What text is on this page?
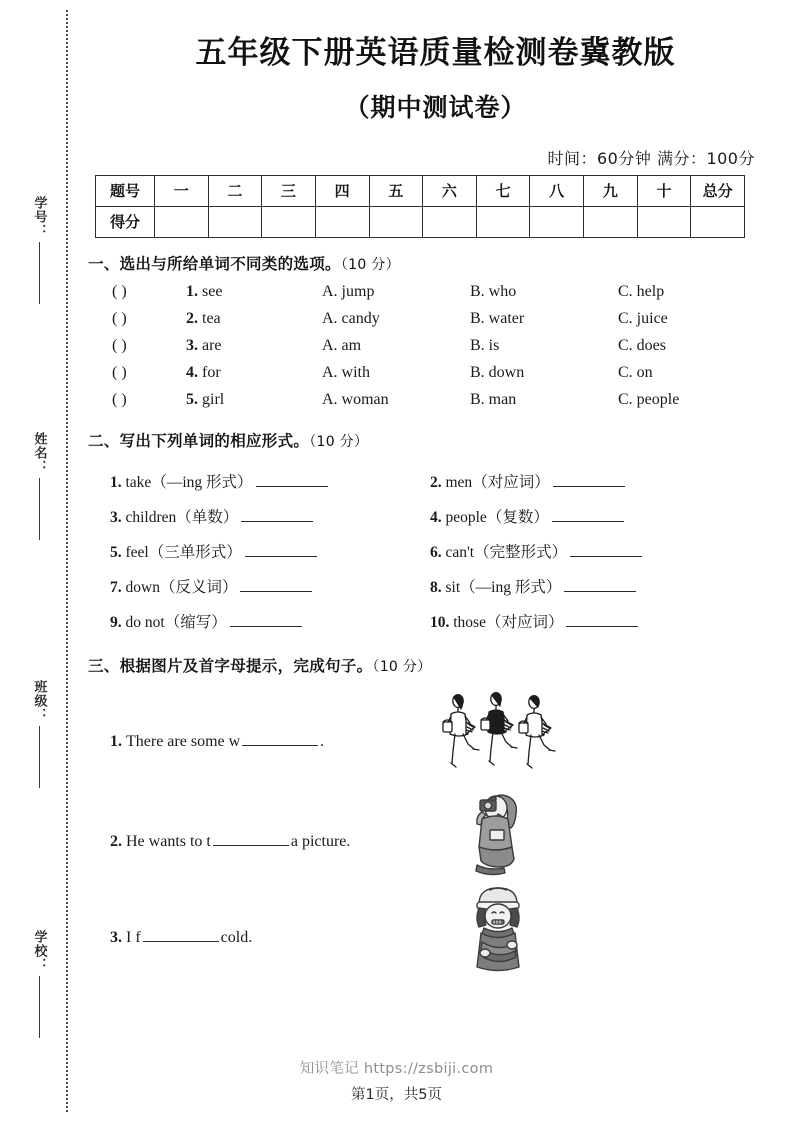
学号：
姓名：
班级：
学校：
五年级下册英语质量检测卷冀教版
（期中测试卷）
时间：60分钟 满分：100分
题号	一	二	三	四	五	六	七	八	九	十	总分
得分											
一、选出与所给单词不同类的选项。（10 分）
( )	1. see	A. jump	B. who	C. help
( )	2. tea	A. candy	B. water	C. juice
( )	3. are	A. am	B. is	C. does
( )	4. for	A. with	B. down	C. on
( )	5. girl	A. woman	B. man	C. people
二、写出下列单词的相应形式。（10 分）
1. take（—ing 形式）	2. men（对应词）
3. children（单数）	4. people（复数）
5. feel（三单形式）	6. can't（完整形式）
7. down（反义词）	8. sit（—ing 形式）
9. do not（缩写）	10. those（对应词）
三、根据图片及首字母提示，完成句子。（10 分）
1. There are some w	.
2. He wants to t	a picture.
3. I f	cold.
知识笔记 https://zsbiji.com
第1页，共5页
